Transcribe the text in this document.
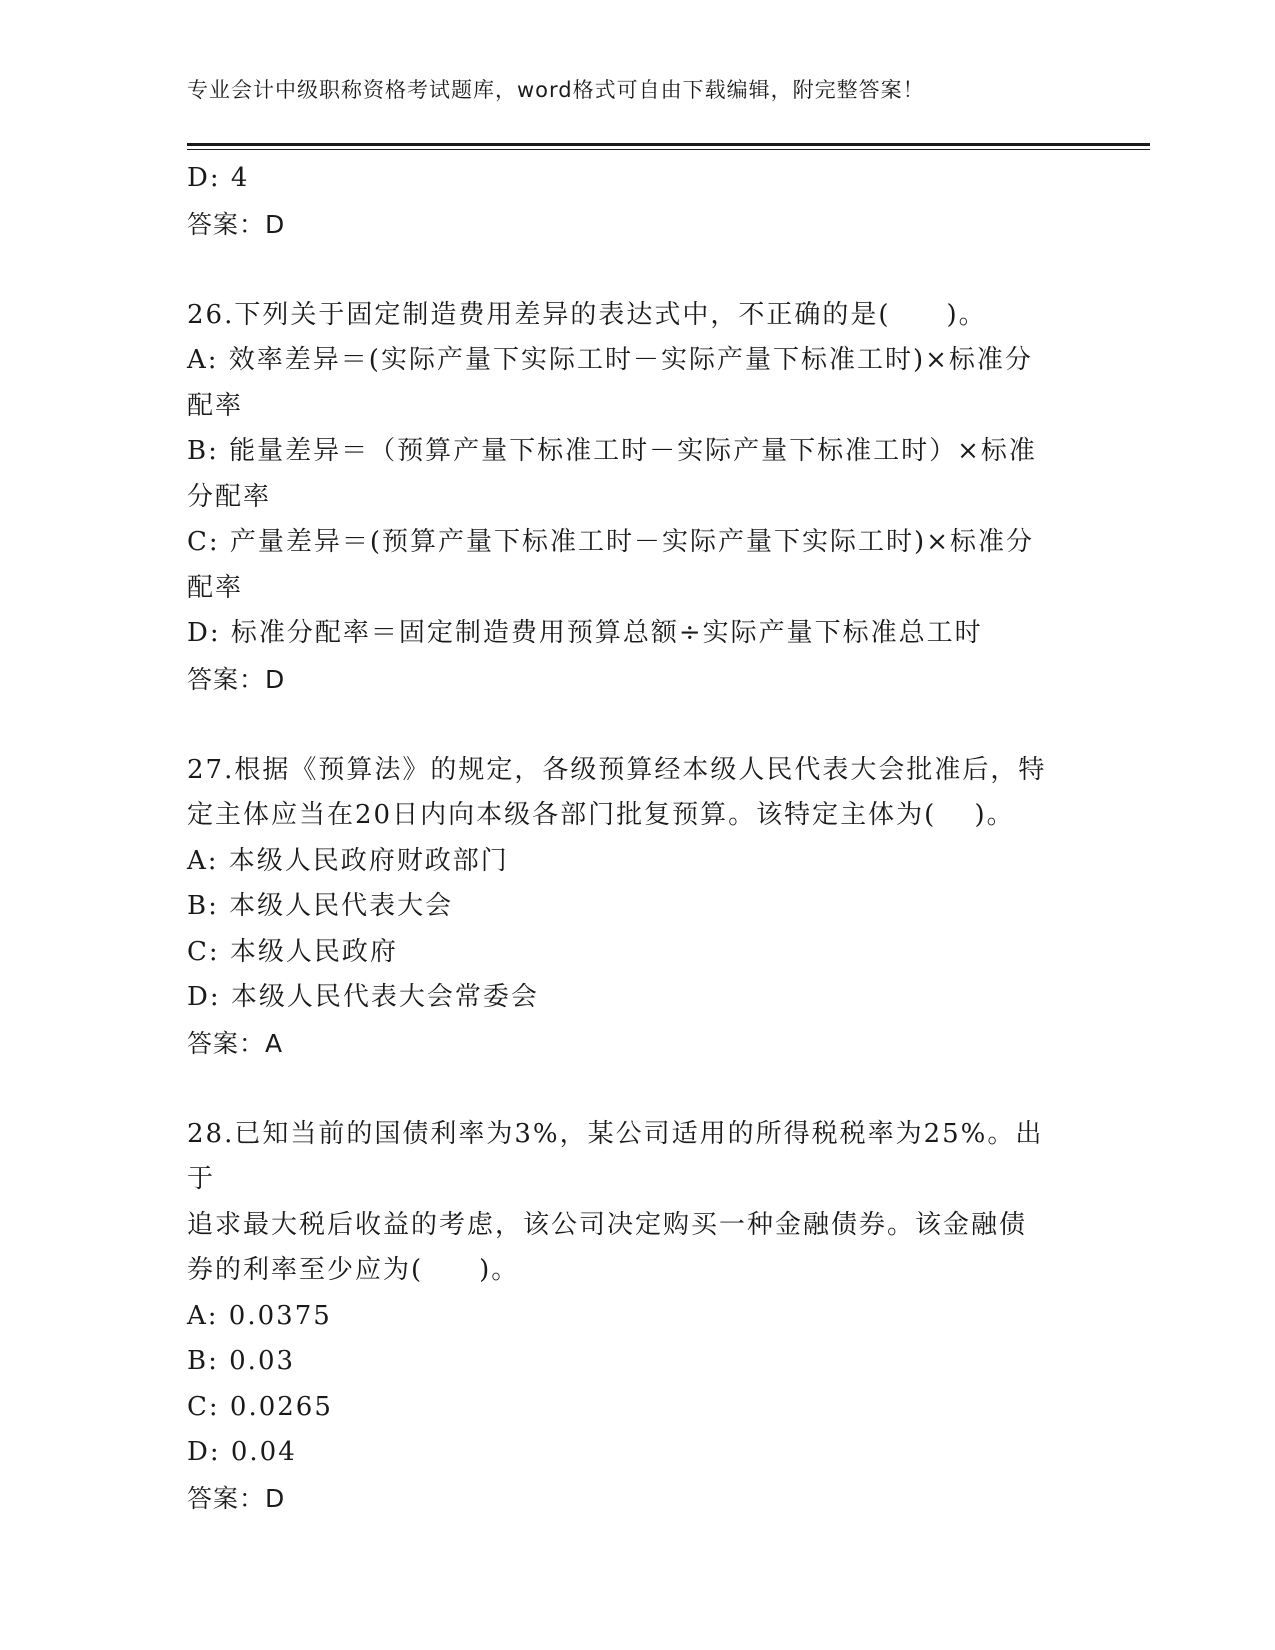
专业会计中级职称资格考试题库，word格式可自由下载编辑，附完整答案！
D: 4
答案：D
26.下列关于固定制造费用差异的表达式中，不正确的是(　　)。
A: 效率差异＝(实际产量下实际工时－实际产量下标准工时)×标准分
配率
B: 能量差异＝（预算产量下标准工时－实际产量下标准工时）×标准
分配率
C: 产量差异＝(预算产量下标准工时－实际产量下实际工时)×标准分
配率
D: 标准分配率＝固定制造费用预算总额÷实际产量下标准总工时
答案：D
27.根据《预算法》的规定，各级预算经本级人民代表大会批准后，特
定主体应当在20日内向本级各部门批复预算。该特定主体为(　 )。
A: 本级人民政府财政部门
B: 本级人民代表大会
C: 本级人民政府
D: 本级人民代表大会常委会
答案：A
28.已知当前的国债利率为3%，某公司适用的所得税税率为25%。出于
追求最大税后收益的考虑，该公司决定购买一种金融债券。该金融债
券的利率至少应为(　　)。
A: 0.0375
B: 0.03
C: 0.0265
D: 0.04
答案：D
